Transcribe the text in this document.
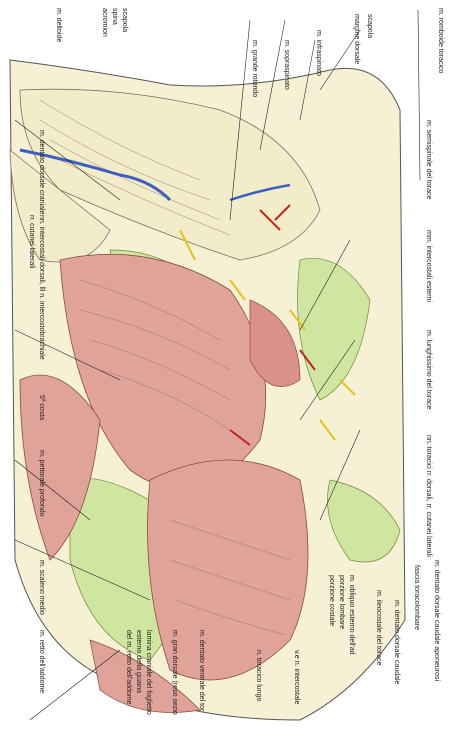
m. romboide toracico
scapola
margine dorsale
m. infraspinato
m. sopraspinato
m. grande rotondo
scapola
spina
acromion
m. deltoide
m. semispinale del torace
m. dentato dorsale craniale
mm. intercostali esterni
nn. intercostali dorsali, lll n. intercostobrachiale
rr. cutanei laterali
m. lunghissimo del torace
5ª costa
m. pettorale profondo	nn. toracici rr. dorsali, rr. cutanei laterali
m. scaleno medio	m. dentato dorsale caudale aponeurosi
fascia toracolombare
m. dentato dorsale caudale
m. ileocostale del torace
m. obliquo esterno dell'ad
porzione lombare
porzione costale
v.e n. intercostale
n. toracico lungo
m. dentato ventrale del tor
m. gran dorsale (reso sezio
lamina craniale del foglietto
esterno della guaina
del m. retto dell'addome
m. retto dell'addome
